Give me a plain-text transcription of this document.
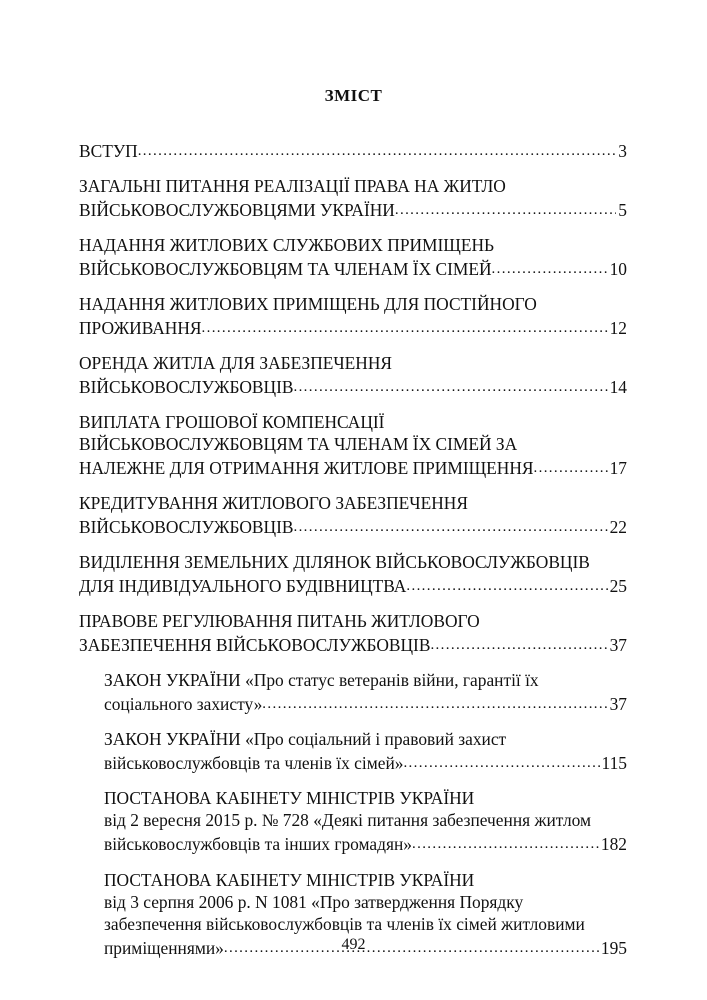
ЗМІСТ
ВСТУП . . .	3
ЗАГАЛЬНІ ПИТАННЯ РЕАЛІЗАЦІЇ ПРАВА НА ЖИТЛО
ВІЙСЬКОВОСЛУЖБОВЦЯМИ УКРАЇНИ . . .	5
НАДАННЯ ЖИТЛОВИХ СЛУЖБОВИХ ПРИМІЩЕНЬ
ВІЙСЬКОВОСЛУЖБОВЦЯМ ТА ЧЛЕНАМ ЇХ СІМЕЙ . . .	10
НАДАННЯ ЖИТЛОВИХ ПРИМІЩЕНЬ ДЛЯ ПОСТІЙНОГО
ПРОЖИВАННЯ . . .	12
ОРЕНДА ЖИТЛА ДЛЯ ЗАБЕЗПЕЧЕННЯ
ВІЙСЬКОВОСЛУЖБОВЦІВ . . .	14
ВИПЛАТА ГРОШОВОЇ КОМПЕНСАЦІЇ
ВІЙСЬКОВОСЛУЖБОВЦЯМ ТА ЧЛЕНАМ ЇХ СІМЕЙ ЗА
НАЛЕЖНЕ ДЛЯ ОТРИМАННЯ ЖИТЛОВЕ ПРИМІЩЕННЯ . . .	17
КРЕДИТУВАННЯ ЖИТЛОВОГО ЗАБЕЗПЕЧЕННЯ
ВІЙСЬКОВОСЛУЖБОВЦІВ . . .	22
ВИДІЛЕННЯ ЗЕМЕЛЬНИХ ДІЛЯНОК ВІЙСЬКОВОСЛУЖБОВЦІВ
ДЛЯ ІНДИВІДУАЛЬНОГО БУДІВНИЦТВА . . .	25
ПРАВОВЕ РЕГУЛЮВАННЯ ПИТАНЬ ЖИТЛОВОГО
ЗАБЕЗПЕЧЕННЯ ВІЙСЬКОВОСЛУЖБОВЦІВ . . .	37
ЗАКОН УКРАЇНИ «Про статус ветеранів війни, гарантії їх
соціального захисту» . . .	37
ЗАКОН УКРАЇНИ «Про соціальний і правовий захист
військовослужбовців та членів їх сімей» . . .	115
ПОСТАНОВА КАБІНЕТУ МІНІСТРІВ УКРАЇНИ
від 2 вересня 2015 р. № 728 «Деякі питання забезпечення житлом
військовослужбовців та інших громадян» . . .	182
ПОСТАНОВА КАБІНЕТУ МІНІСТРІВ УКРАЇНИ
від 3 серпня 2006 р. N 1081 «Про затвердження Порядку
забезпечення військовослужбовців та членів їх сімей житловими
приміщеннями» . . .	195
492
